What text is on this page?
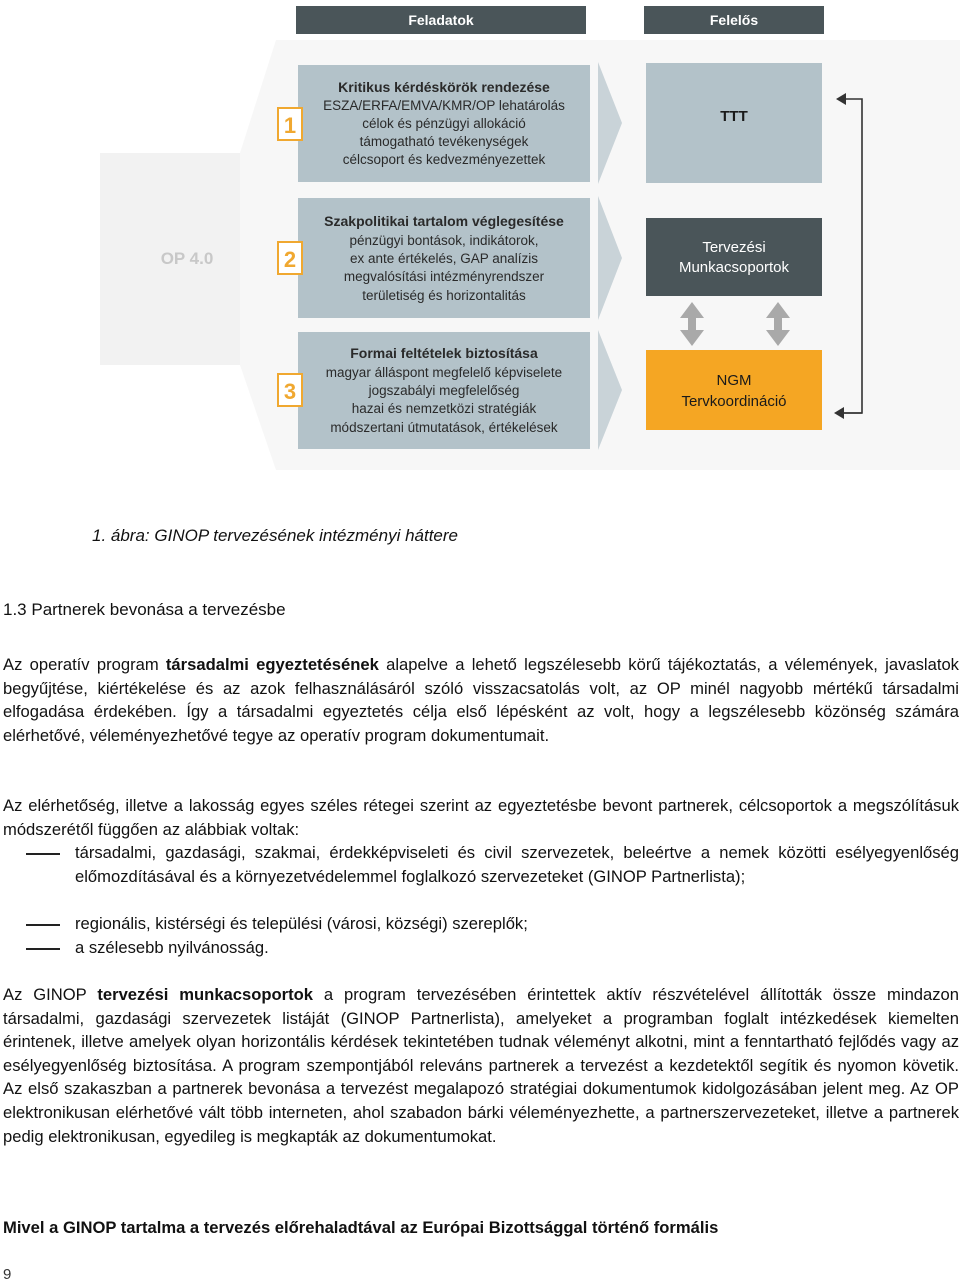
OP 4.0
Feladatok	Felelős
1
Kritikus kérdéskörök rendezése
ESZA/ERFA/EMVA/KMR/OP lehatárolás
célok és pénzügyi allokáció
támogatható tevékenységek
célcsoport és kedvezményezettek
2
Szakpolitikai tartalom véglegesítése
pénzügyi bontások, indikátorok,
ex ante értékelés, GAP analízis
megvalósítási intézményrendszer
területiség és horizontalitás
3
Formai feltételek biztosítása
magyar álláspont megfelelő képviselete
jogszabályi megfelelőség
hazai és nemzetközi stratégiák
módszertani útmutatások, értékelések
TTT
Tervezési
Munkacsoportok
NGM
Tervkoordináció
1. ábra: GINOP tervezésének intézményi háttere
1.3 Partnerek bevonása a tervezésbe

Az operatív program társadalmi egyeztetésének alapelve a lehető legszélesebb körű tájékoztatás, a vélemények, javaslatok begyűjtése, kiértékelése és az azok felhasználásáról szóló visszacsatolás volt, az OP minél nagyobb mértékű társadalmi elfogadása érdekében. Így a társadalmi egyeztetés célja első lépésként az volt, hogy a legszélesebb közönség számára elérhetővé, véleményezhetővé tegye az operatív program dokumentumait.

Az elérhetőség, illetve a lakosság egyes széles rétegei szerint az egyeztetésbe bevont partnerek, célcsoportok a megszólításuk módszerétől függően az alábbiak voltak:

társadalmi, gazdasági, szakmai, érdekképviseleti és civil szervezetek, beleértve a nemek közötti esélyegyenlőség előmozdításával és a környezetvédelemmel foglalkozó szervezeteket (GINOP Partnerlista);

regionális, kistérségi és települési (városi, községi) szereplők;

a szélesebb nyilvánosság.

Az GINOP tervezési munkacsoportok a program tervezésében érintettek aktív részvételével állították össze mindazon társadalmi, gazdasági szervezetek listáját (GINOP Partnerlista), amelyeket a programban foglalt intézkedések kiemelten érintenek, illetve amelyek olyan horizontális kérdések tekintetében tudnak véleményt alkotni, mint a fenntartható fejlődés vagy az esélyegyenlőség biztosítása. A program szempontjából releváns partnerek a tervezést a kezdetektől segítik és nyomon követik. Az első szakaszban a partnerek bevonása a tervezést megalapozó stratégiai dokumentumok kidolgozásában jelent meg. Az OP elektronikusan elérhetővé vált több interneten, ahol szabadon bárki véleményezhette, a partnerszervezeteket, illetve a partnerek pedig elektronikusan, egyedileg is megkapták az dokumentumokat.

Mivel a GINOP tartalma a tervezés előrehaladtával az Európai Bizottsággal történő formális

9
